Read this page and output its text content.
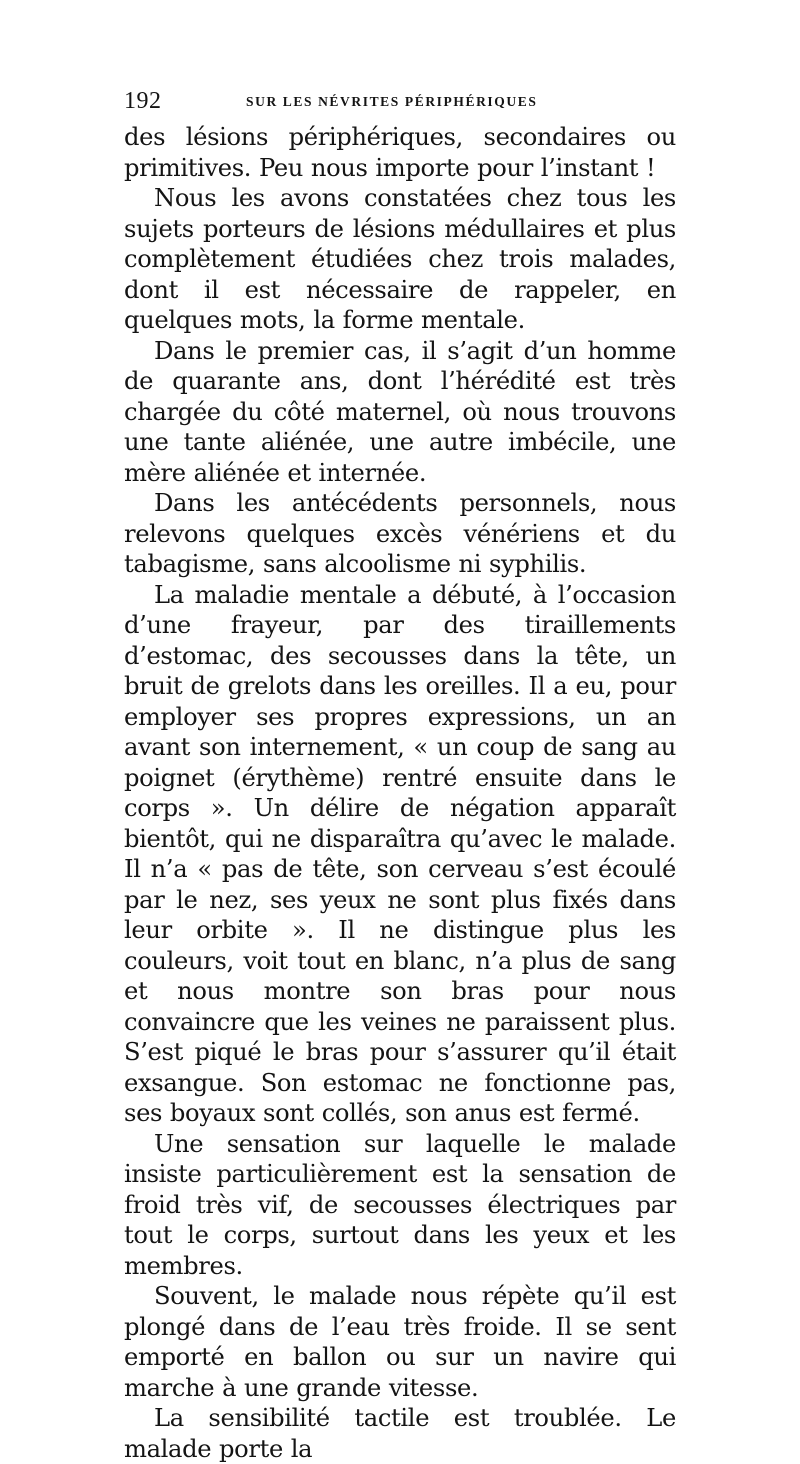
192	SUR LES NÉVRITES PÉRIPHÉRIQUES

des lésions périphériques, secondaires ou primitives. Peu nous importe pour l’instant !

Nous les avons constatées chez tous les sujets porteurs de lésions médullaires et plus complètement étudiées chez trois malades, dont il est nécessaire de rappeler, en quelques mots, la forme mentale.

Dans le premier cas, il s’agit d’un homme de quarante ans, dont l’hérédité est très chargée du côté maternel, où nous trouvons une tante aliénée, une autre imbécile, une mère aliénée et internée.

Dans les antécédents personnels, nous relevons quelques excès vénériens et du tabagisme, sans alcoolisme ni syphilis.

La maladie mentale a débuté, à l’occasion d’une frayeur, par des tiraillements d’estomac, des secousses dans la tête, un bruit de grelots dans les oreilles. Il a eu, pour employer ses propres expressions, un an avant son internement, « un coup de sang au poignet (érythème) rentré ensuite dans le corps ». Un délire de négation apparaît bientôt, qui ne disparaîtra qu’avec le malade. Il n’a « pas de tête, son cerveau s’est écoulé par le nez, ses yeux ne sont plus fixés dans leur orbite ». Il ne distingue plus les couleurs, voit tout en blanc, n’a plus de sang et nous montre son bras pour nous convaincre que les veines ne paraissent plus. S’est piqué le bras pour s’assurer qu’il était exsangue. Son estomac ne fonctionne pas, ses boyaux sont collés, son anus est fermé.

Une sensation sur laquelle le malade insiste particulièrement est la sensation de froid très vif, de secousses électriques par tout le corps, surtout dans les yeux et les membres.

Souvent, le malade nous répète qu’il est plongé dans de l’eau très froide. Il se sent emporté en ballon ou sur un navire qui marche à une grande vitesse.

La sensibilité tactile est troublée. Le malade porte la
